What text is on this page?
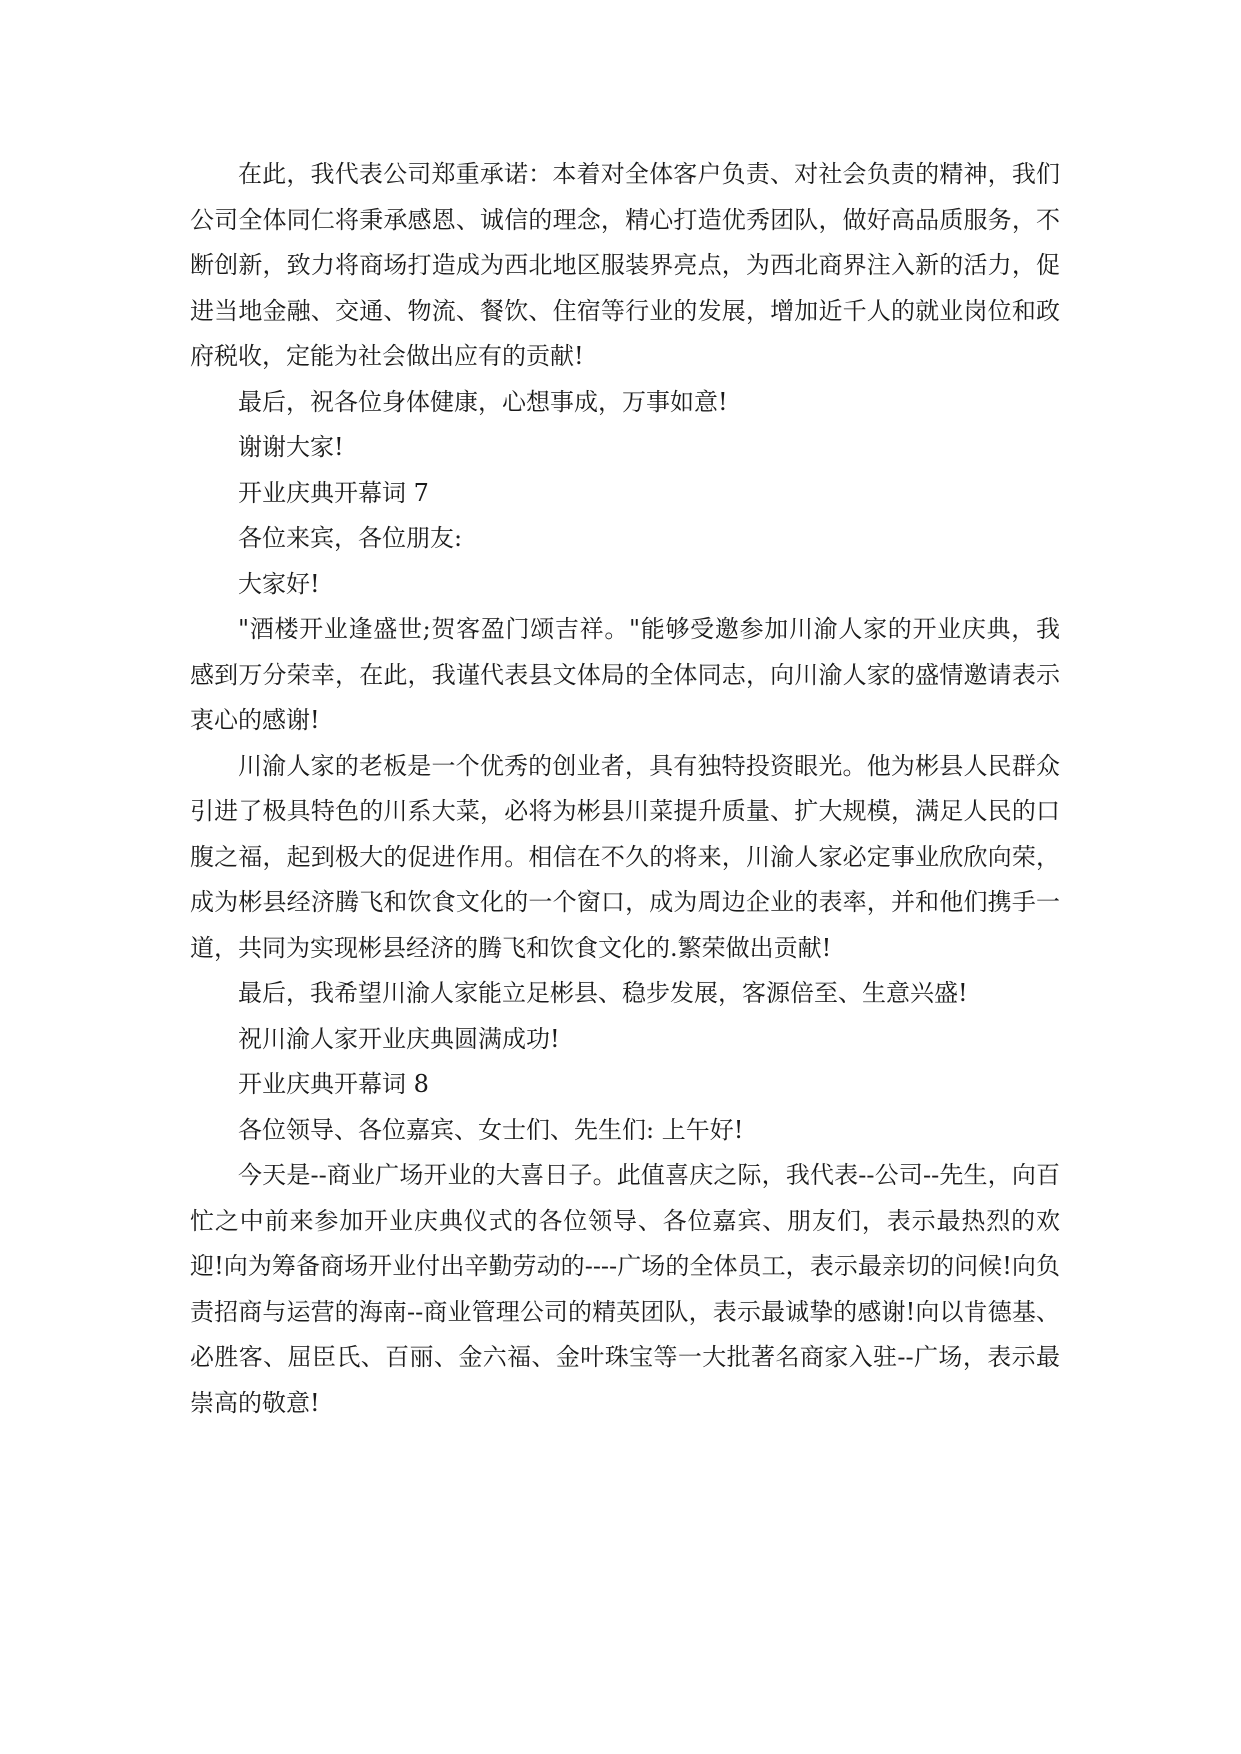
在此，我代表公司郑重承诺：本着对全体客户负责、对社会负责的精神，我们公司全体同仁将秉承感恩、诚信的理念，精心打造优秀团队，做好高品质服务，不断创新，致力将商场打造成为西北地区服装界亮点，为西北商界注入新的活力，促进当地金融、交通、物流、餐饮、住宿等行业的发展，增加近千人的就业岗位和政府税收，定能为社会做出应有的贡献!

最后，祝各位身体健康，心想事成，万事如意!

谢谢大家!

开业庆典开幕词 7

各位来宾，各位朋友:

大家好!

"酒楼开业逢盛世;贺客盈门颂吉祥。"能够受邀参加川渝人家的开业庆典，我感到万分荣幸，在此，我谨代表县文体局的全体同志，向川渝人家的盛情邀请表示衷心的感谢!

川渝人家的老板是一个优秀的创业者，具有独特投资眼光。他为彬县人民群众引进了极具特色的川系大菜，必将为彬县川菜提升质量、扩大规模，满足人民的口腹之福，起到极大的促进作用。相信在不久的将来，川渝人家必定事业欣欣向荣，成为彬县经济腾飞和饮食文化的一个窗口，成为周边企业的表率，并和他们携手一道，共同为实现彬县经济的腾飞和饮食文化的.繁荣做出贡献!

最后，我希望川渝人家能立足彬县、稳步发展，客源倍至、生意兴盛!

祝川渝人家开业庆典圆满成功!

开业庆典开幕词 8

各位领导、各位嘉宾、女士们、先生们: 上午好!

今天是--商业广场开业的大喜日子。此值喜庆之际，我代表--公司--先生，向百忙之中前来参加开业庆典仪式的各位领导、各位嘉宾、朋友们，表示最热烈的欢迎!向为筹备商场开业付出辛勤劳动的----广场的全体员工，表示最亲切的问候!向负责招商与运营的海南--商业管理公司的精英团队，表示最诚挚的感谢!向以肯德基、必胜客、屈臣氏、百丽、金六福、金叶珠宝等一大批著名商家入驻--广场，表示最崇高的敬意!
